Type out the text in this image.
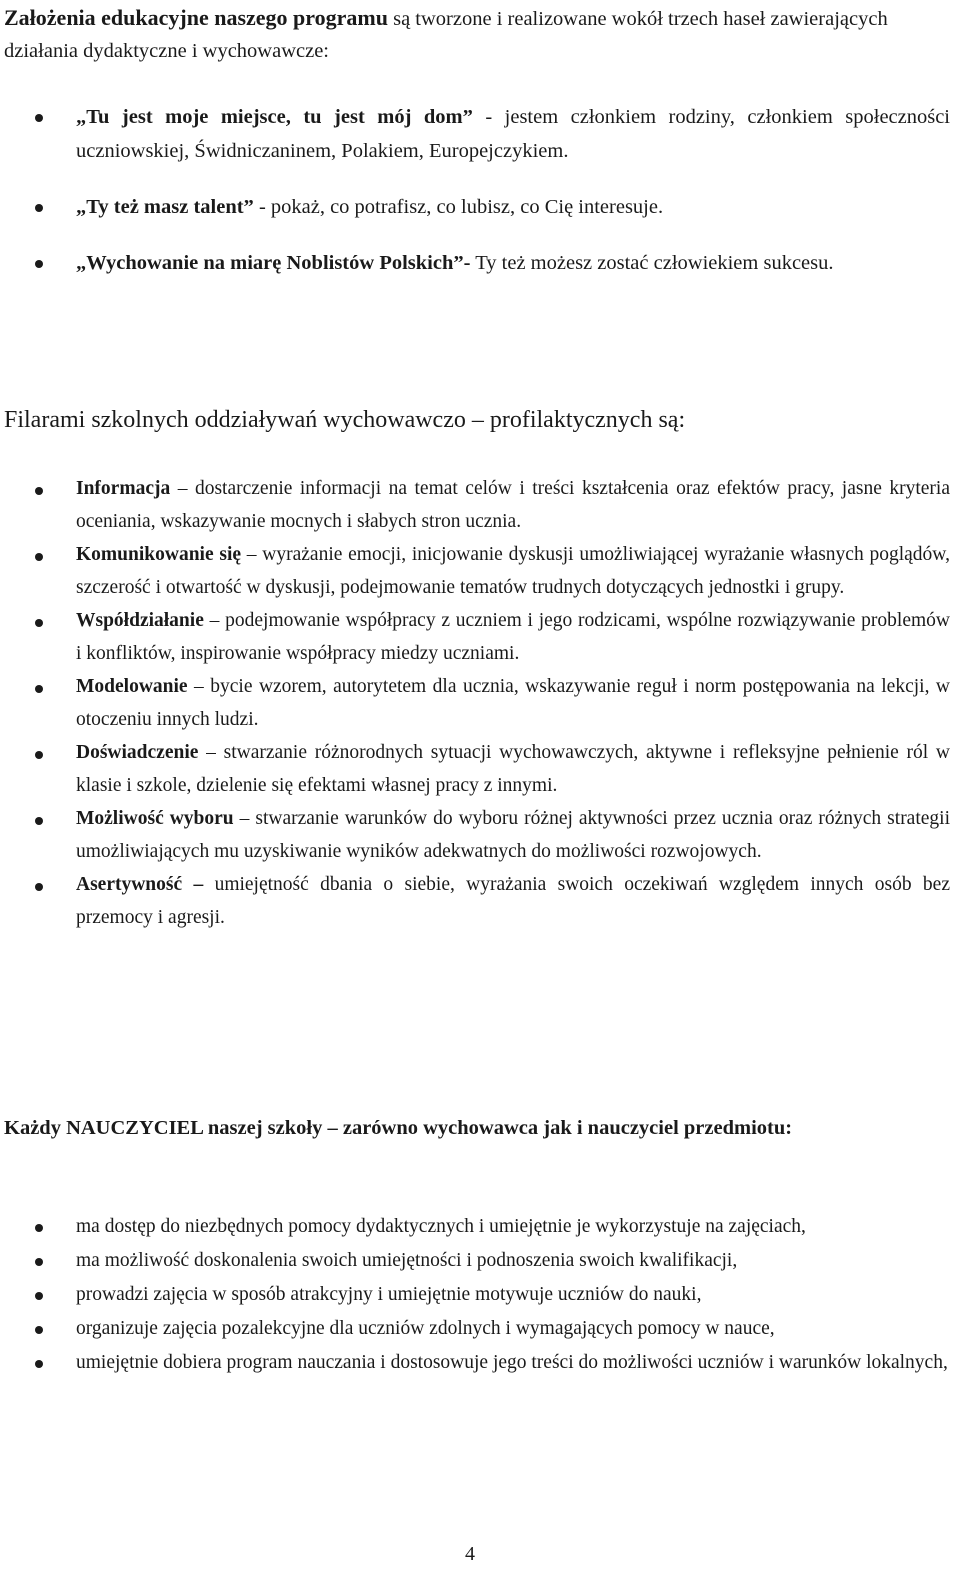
Założenia edukacyjne naszego programu są tworzone i realizowane wokół trzech haseł zawierających działania dydaktyczne i wychowawcze:

„Tu jest moje miejsce, tu jest mój dom” - jestem członkiem rodziny, członkiem społeczności uczniowskiej, Świdniczaninem, Polakiem, Europejczykiem.
„Ty też masz talent” - pokaż, co potrafisz, co lubisz, co Cię interesuje.
„Wychowanie na miarę Noblistów Polskich”- Ty też możesz zostać człowiekiem sukcesu.

Filarami szkolnych oddziaływań wychowawczo – profilaktycznych są:

Informacja – dostarczenie informacji na temat celów i treści kształcenia oraz efektów pracy, jasne kryteria oceniania, wskazywanie mocnych i słabych stron ucznia.
Komunikowanie się – wyrażanie emocji, inicjowanie dyskusji umożliwiającej wyrażanie własnych poglądów, szczerość i otwartość w dyskusji, podejmowanie tematów trudnych dotyczących jednostki i grupy.
Współdziałanie – podejmowanie współpracy z uczniem i jego rodzicami, wspólne rozwiązywanie problemów i konfliktów, inspirowanie współpracy miedzy uczniami.
Modelowanie – bycie wzorem, autorytetem dla ucznia, wskazywanie reguł i norm postępowania na lekcji, w otoczeniu innych ludzi.
Doświadczenie – stwarzanie różnorodnych sytuacji wychowawczych, aktywne i refleksyjne pełnienie ról w klasie i szkole, dzielenie się efektami własnej pracy z innymi.
Możliwość wyboru – stwarzanie warunków do wyboru różnej aktywności przez ucznia oraz różnych strategii umożliwiających mu uzyskiwanie wyników adekwatnych do możliwości rozwojowych.
Asertywność – umiejętność dbania o siebie, wyrażania swoich oczekiwań względem innych osób bez przemocy i agresji.

Każdy NAUCZYCIEL naszej szkoły – zarówno wychowawca jak i nauczyciel przedmiotu:

ma dostęp do niezbędnych pomocy dydaktycznych i umiejętnie je wykorzystuje na zajęciach,
ma możliwość doskonalenia swoich umiejętności i podnoszenia swoich kwalifikacji,
prowadzi zajęcia w sposób atrakcyjny i umiejętnie motywuje uczniów do nauki,
organizuje zajęcia pozalekcyjne dla uczniów zdolnych i wymagających pomocy w nauce,
umiejętnie dobiera program nauczania i dostosowuje jego treści do możliwości uczniów i warunków lokalnych,
4
